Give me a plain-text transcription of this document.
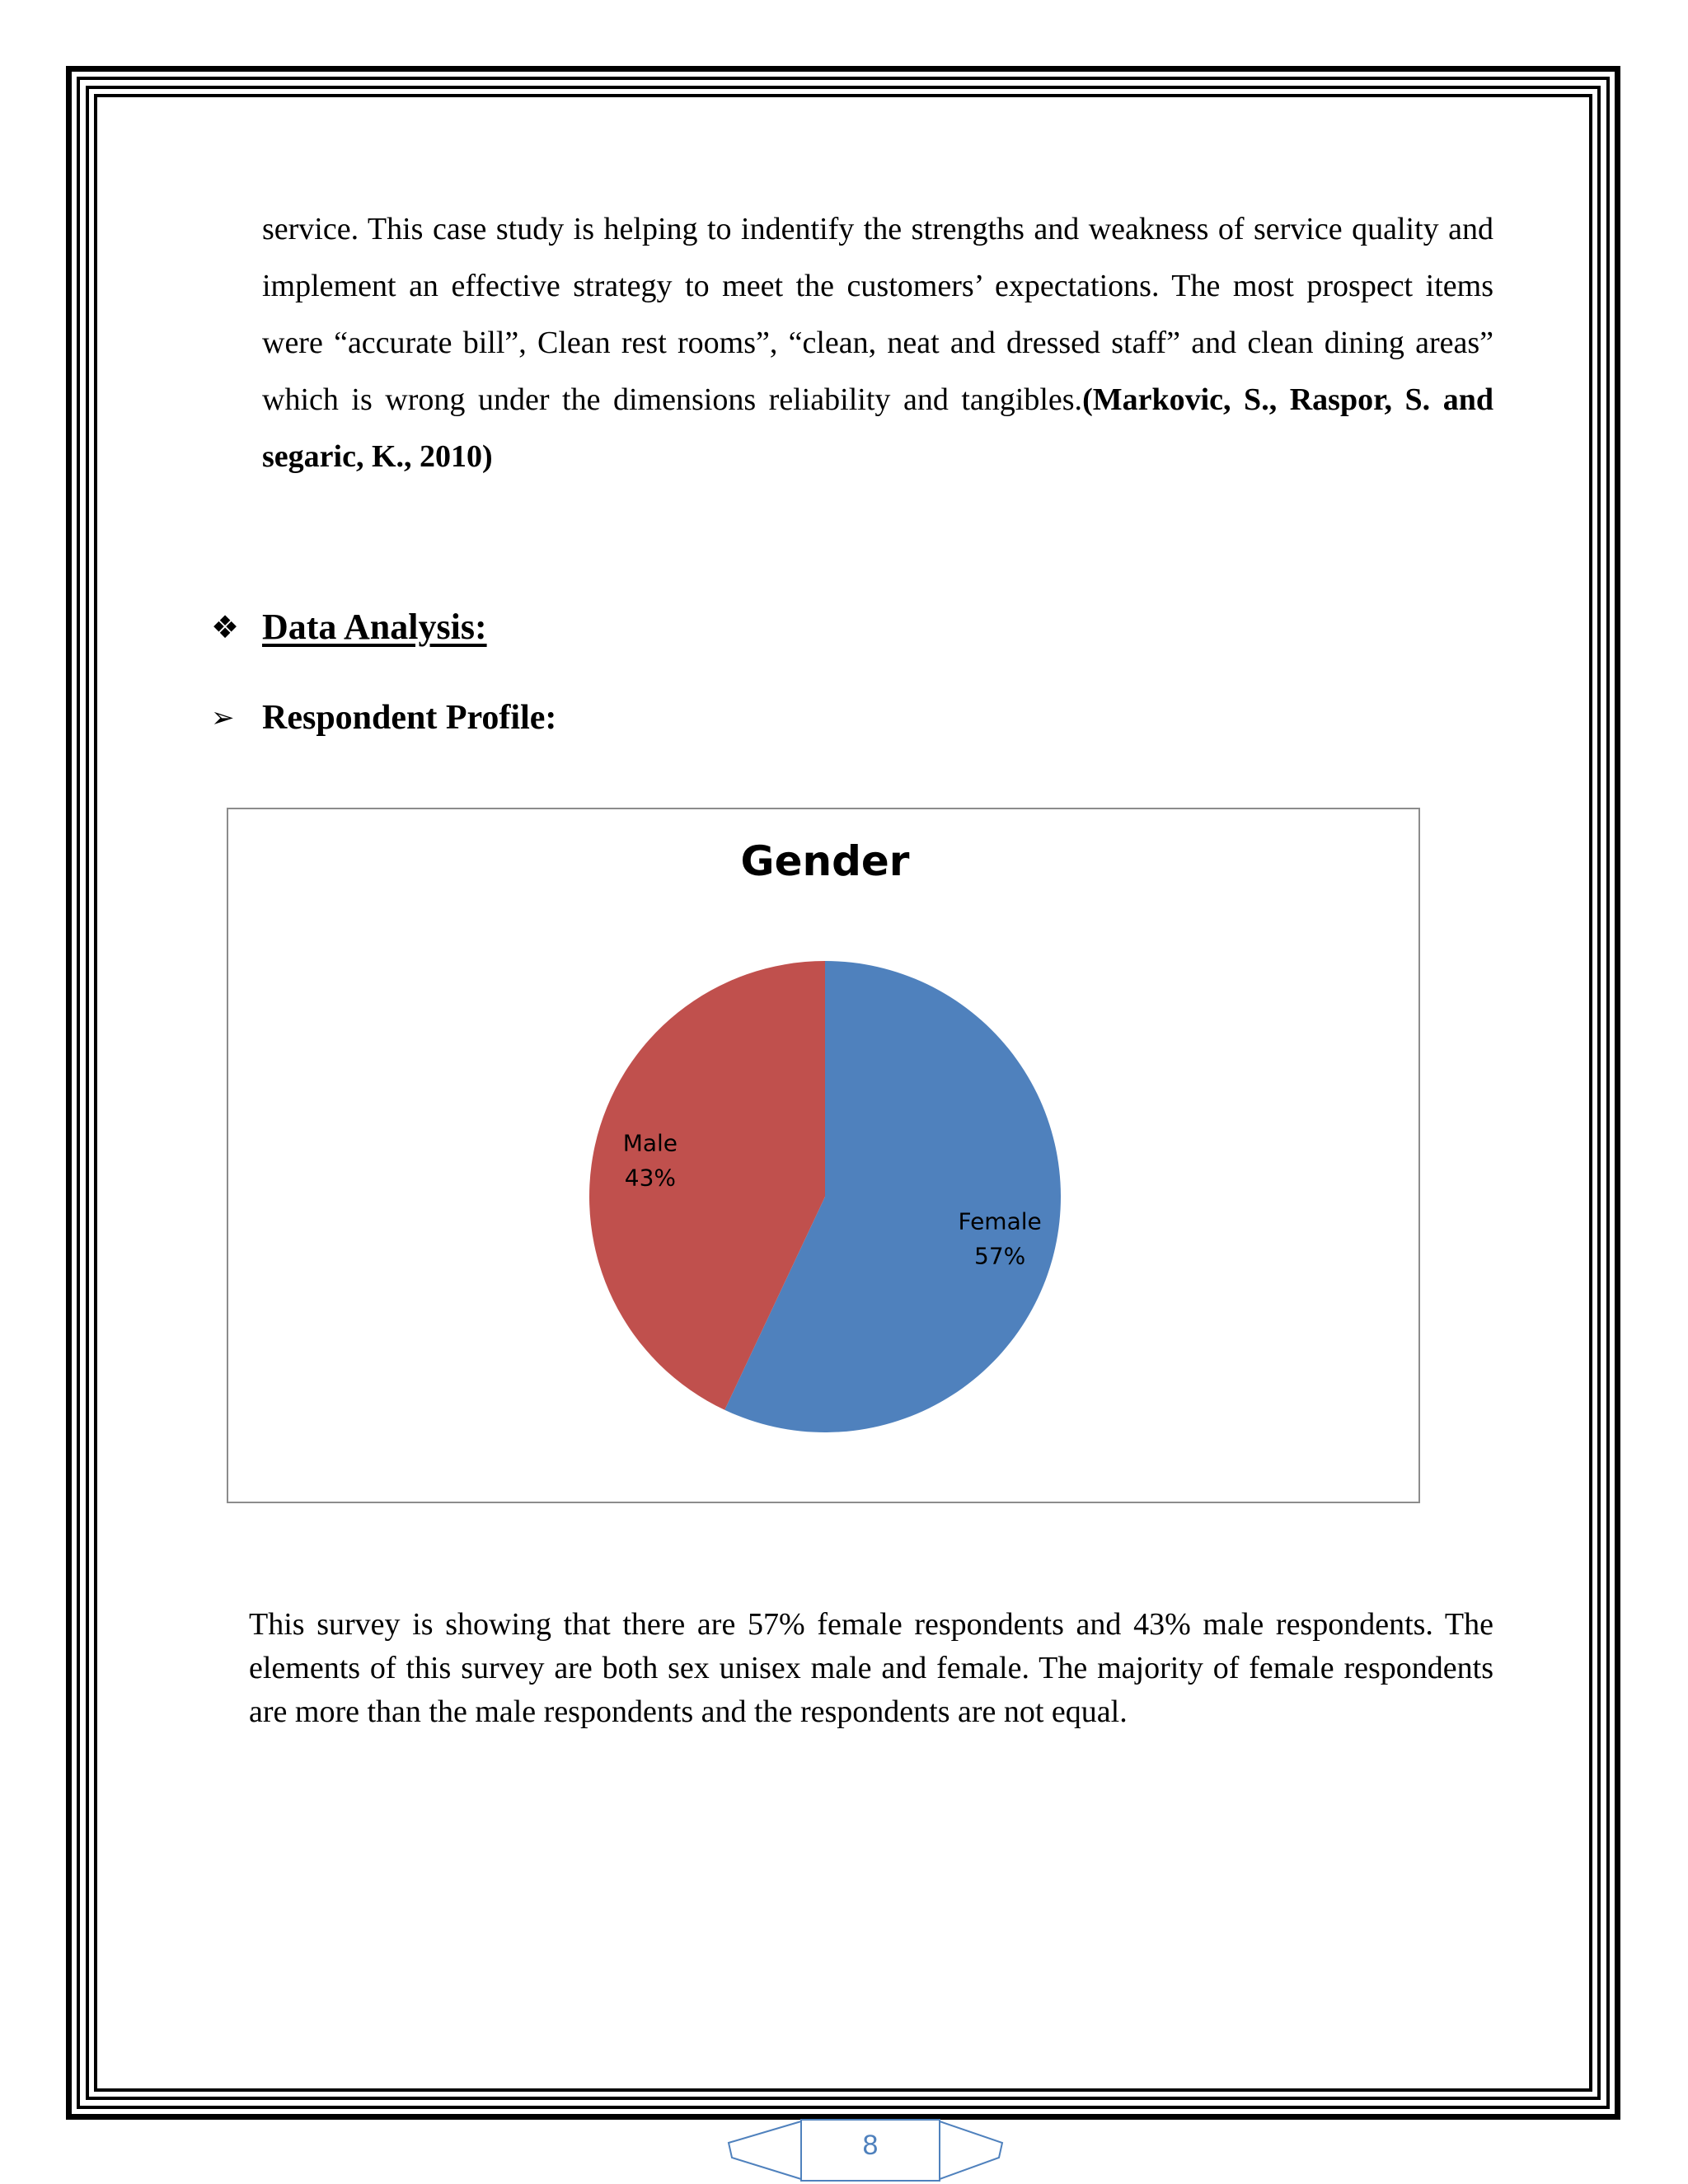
service. This case study is helping to indentify the strengths and weakness of service quality and implement an effective strategy to meet the customers’ expectations. The most prospect items were “accurate bill”, Clean rest rooms”, “clean, neat and dressed staff” and clean dining areas” which is wrong under the dimensions reliability and tangibles.(Markovic, S., Raspor, S. and segaric, K., 2010)

❖ Data Analysis:
➢ Respondent Profile:
Gender
Female
57%
Male
43%

This survey is showing that there are 57% female respondents and 43% male respondents. The elements of this survey are both sex unisex male and female. The majority of female respondents are more than the male respondents and the respondents are not equal.

8
